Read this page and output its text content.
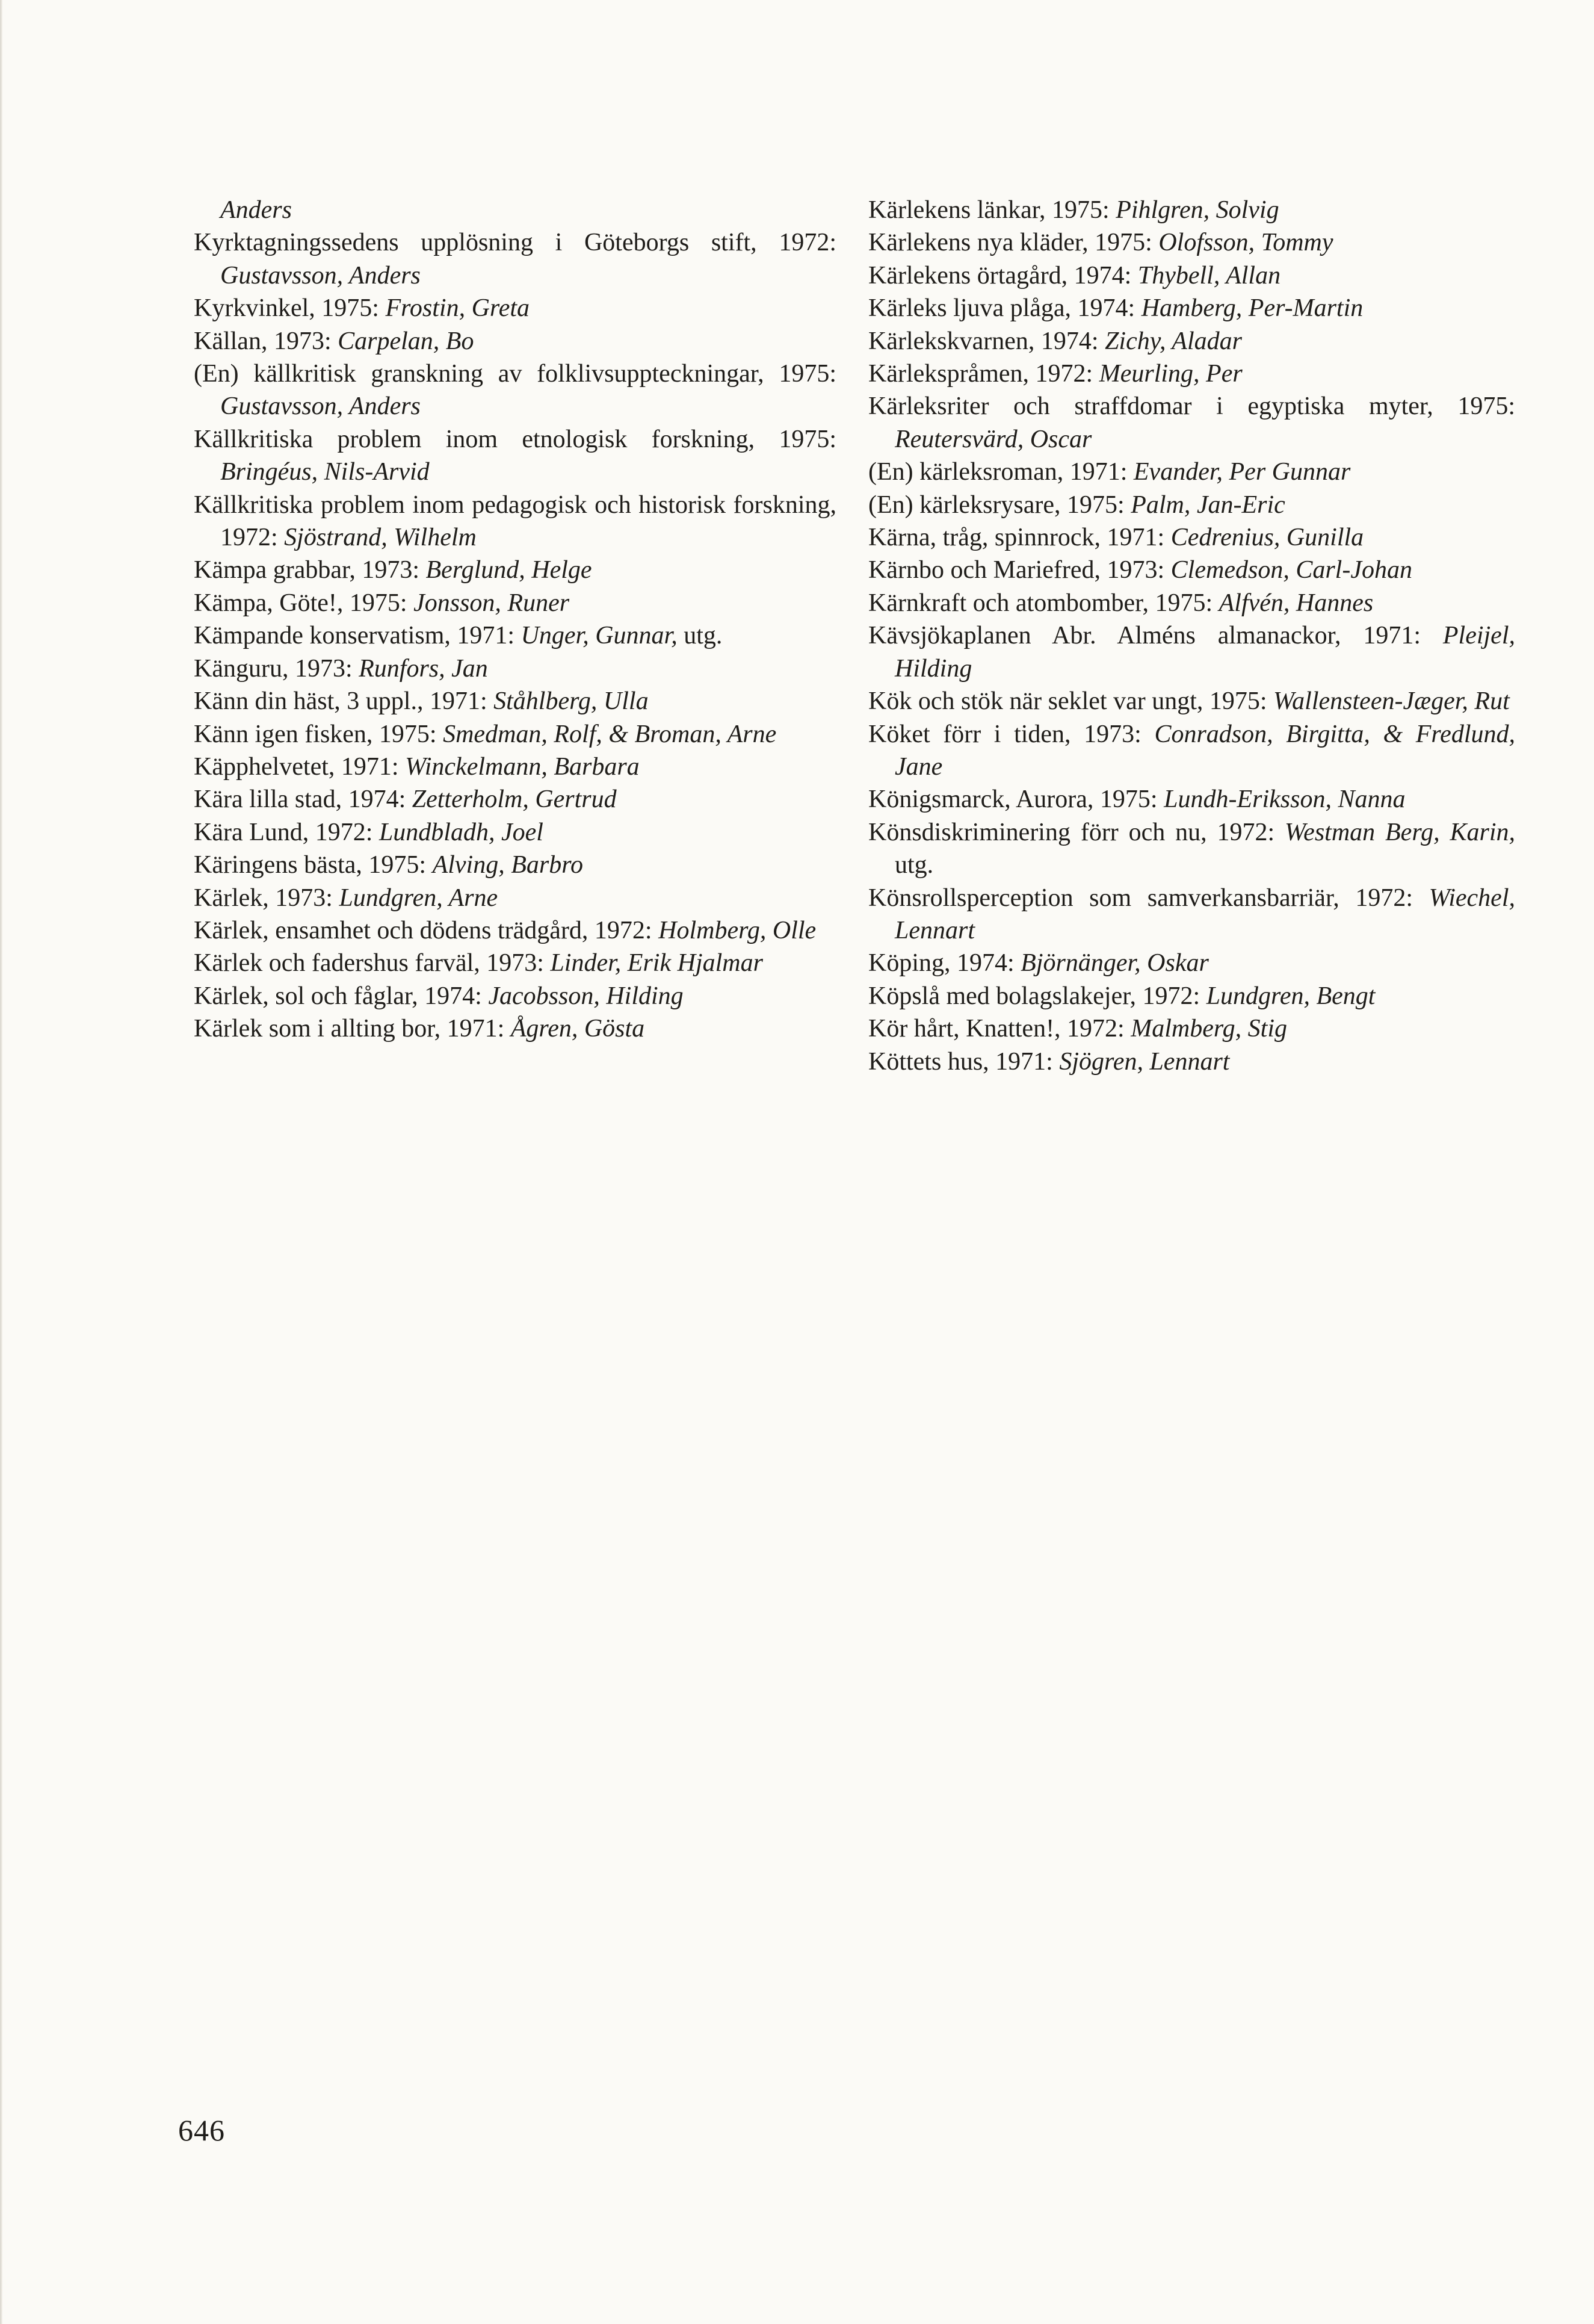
Anders

Kyrktagningssedens upplösning i Göteborgs stift, 1972: Gustavsson, Anders

Kyrkvinkel, 1975: Frostin, Greta

Källan, 1973: Carpelan, Bo

(En) källkritisk granskning av folklivsuppteckningar, 1975: Gustavsson, Anders

Källkritiska problem inom etnologisk forskning, 1975: Bringéus, Nils-Arvid

Källkritiska problem inom pedagogisk och historisk forskning, 1972: Sjöstrand, Wilhelm

Kämpa grabbar, 1973: Berglund, Helge

Kämpa, Göte!, 1975: Jonsson, Runer

Kämpande konservatism, 1971: Unger, Gunnar, utg.

Känguru, 1973: Runfors, Jan

Känn din häst, 3 uppl., 1971: Ståhlberg, Ulla

Känn igen fisken, 1975: Smedman, Rolf, & Broman, Arne

Käpphelvetet, 1971: Winckelmann, Barbara

Kära lilla stad, 1974: Zetterholm, Gertrud

Kära Lund, 1972: Lundbladh, Joel

Käringens bästa, 1975: Alving, Barbro

Kärlek, 1973: Lundgren, Arne

Kärlek, ensamhet och dödens trädgård, 1972: Holmberg, Olle

Kärlek och fadershus farväl, 1973: Linder, Erik Hjalmar

Kärlek, sol och fåglar, 1974: Jacobsson, Hilding

Kärlek som i allting bor, 1971: Ågren, Gösta

Kärlekens länkar, 1975: Pihlgren, Solvig

Kärlekens nya kläder, 1975: Olofsson, Tommy

Kärlekens örtagård, 1974: Thybell, Allan

Kärleks ljuva plåga, 1974: Hamberg, Per-Martin

Kärlekskvarnen, 1974: Zichy, Aladar

Kärlekspråmen, 1972: Meurling, Per

Kärleksriter och straffdomar i egyptiska myter, 1975: Reutersvärd, Oscar

(En) kärleksroman, 1971: Evander, Per Gunnar

(En) kärleksrysare, 1975: Palm, Jan-Eric

Kärna, tråg, spinnrock, 1971: Cedrenius, Gunilla

Kärnbo och Mariefred, 1973: Clemedson, Carl-Johan

Kärnkraft och atombomber, 1975: Alfvén, Hannes

Kävsjökaplanen Abr. Alméns almanackor, 1971: Pleijel, Hilding

Kök och stök när seklet var ungt, 1975: Wallensteen-Jæger, Rut

Köket förr i tiden, 1973: Conradson, Birgitta, & Fredlund, Jane

Königsmarck, Aurora, 1975: Lundh-Eriksson, Nanna

Könsdiskriminering förr och nu, 1972: Westman Berg, Karin, utg.

Könsrollsperception som samverkansbarriär, 1972: Wiechel, Lennart

Köping, 1974: Björnänger, Oskar

Köpslå med bolagslakejer, 1972: Lundgren, Bengt

Kör hårt, Knatten!, 1972: Malmberg, Stig

Köttets hus, 1971: Sjögren, Lennart

646
